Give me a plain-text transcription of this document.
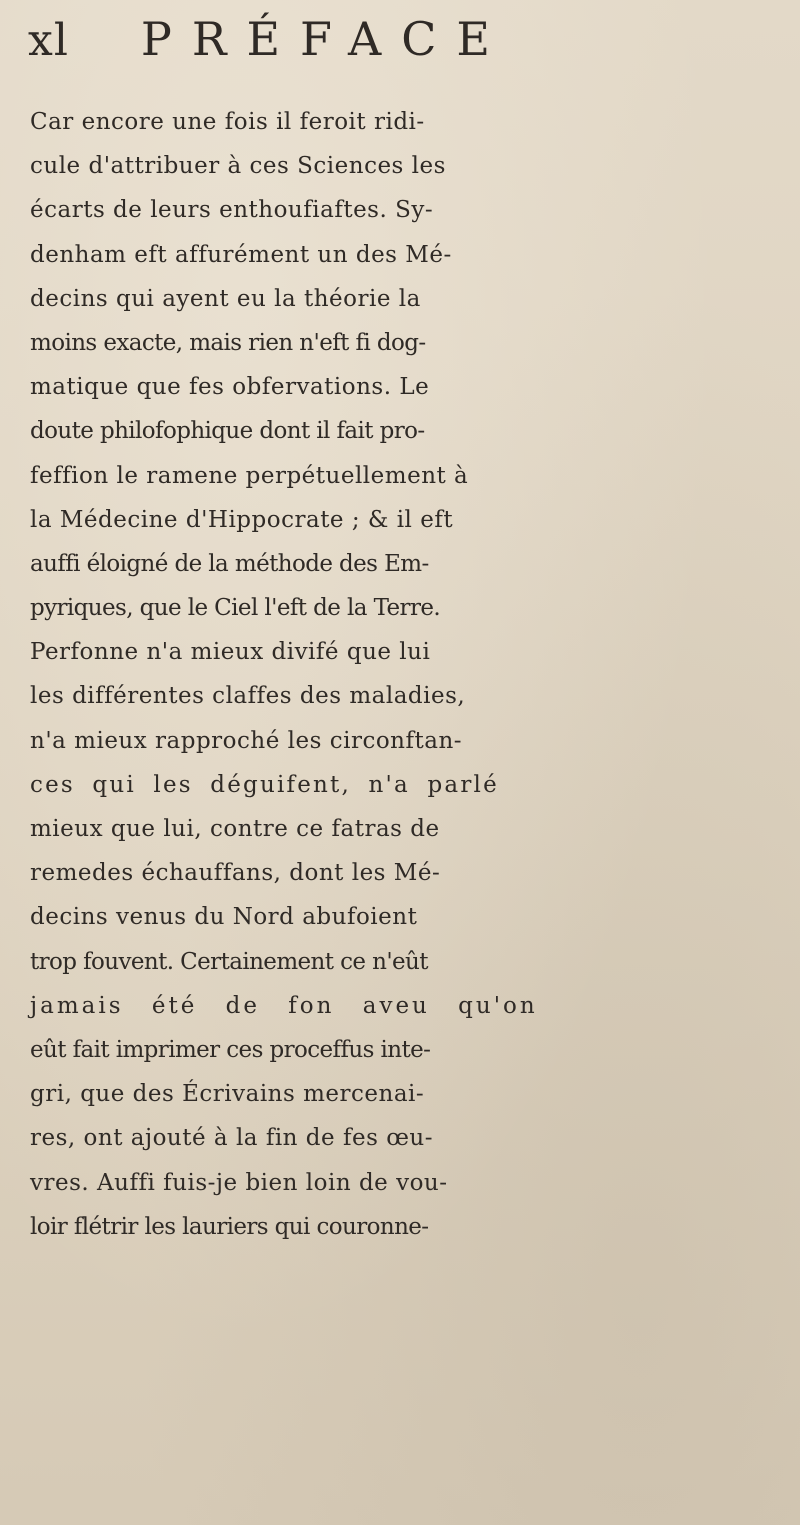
xl PRÉFACE
Car encore une fois il feroit ridi-
cule d'attribuer à ces Sciences les
écarts de leurs enthoufiaftes. Sy-
denham eft affurément un des Mé-
decins qui ayent eu la théorie la
moins exacte, mais rien n'eft fi dog-
matique que fes obfervations. Le
doute philofophique dont il fait pro-
feffion le ramene perpétuellement à
la Médecine d'Hippocrate ; & il eft
auffi éloigné de la méthode des Em-
pyriques, que le Ciel l'eft de la Terre.
Perfonne n'a mieux divifé que lui
les différentes claffes des maladies,
n'a mieux rapproché les circonftan-
ces qui les déguifent, n'a parlé
mieux que lui, contre ce fatras de
remedes échauffans, dont les Mé-
decins venus du Nord abufoient
trop fouvent. Certainement ce n'eût
jamais été de fon aveu qu'on
eût fait imprimer ces proceffus inte-
gri, que des Écrivains mercenai-
res, ont ajouté à la fin de fes œu-
vres. Auffi fuis-je bien loin de vou-
loir flétrir les lauriers qui couronne-
